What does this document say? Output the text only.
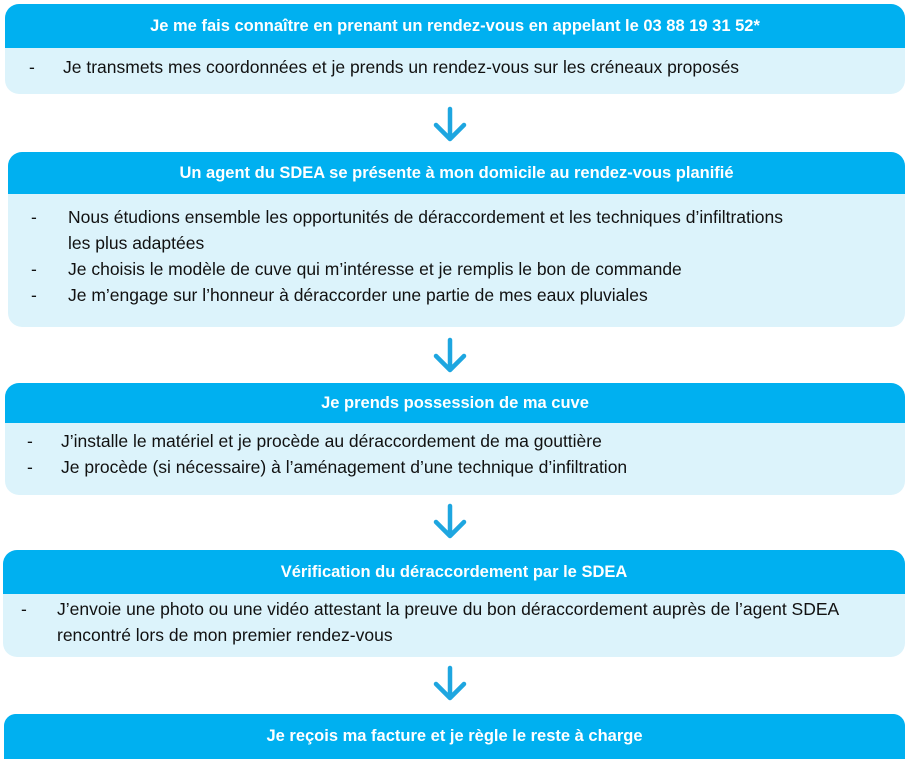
Je me fais connaître en prenant un rendez-vous en appelant le 03 88 19 31 52*
- Je transmets mes coordonnées et je prends un rendez-vous sur les créneaux proposés
Un agent du SDEA se présente à mon domicile au rendez-vous planifié
- Nous étudions ensemble les opportunités de déraccordement et les techniques d’infiltrations les plus adaptées
- Je choisis le modèle de cuve qui m’intéresse et je remplis le bon de commande
- Je m’engage sur l’honneur à déraccorder une partie de mes eaux pluviales
Je prends possession de ma cuve
- J’installe le matériel et je procède au déraccordement de ma gouttière
- Je procède (si nécessaire) à l’aménagement d’une technique d’infiltration
Vérification du déraccordement par le SDEA
- J’envoie une photo ou une vidéo attestant la preuve du bon déraccordement auprès de l’agent SDEA rencontré lors de mon premier rendez-vous
Je reçois ma facture et je règle le reste à charge
